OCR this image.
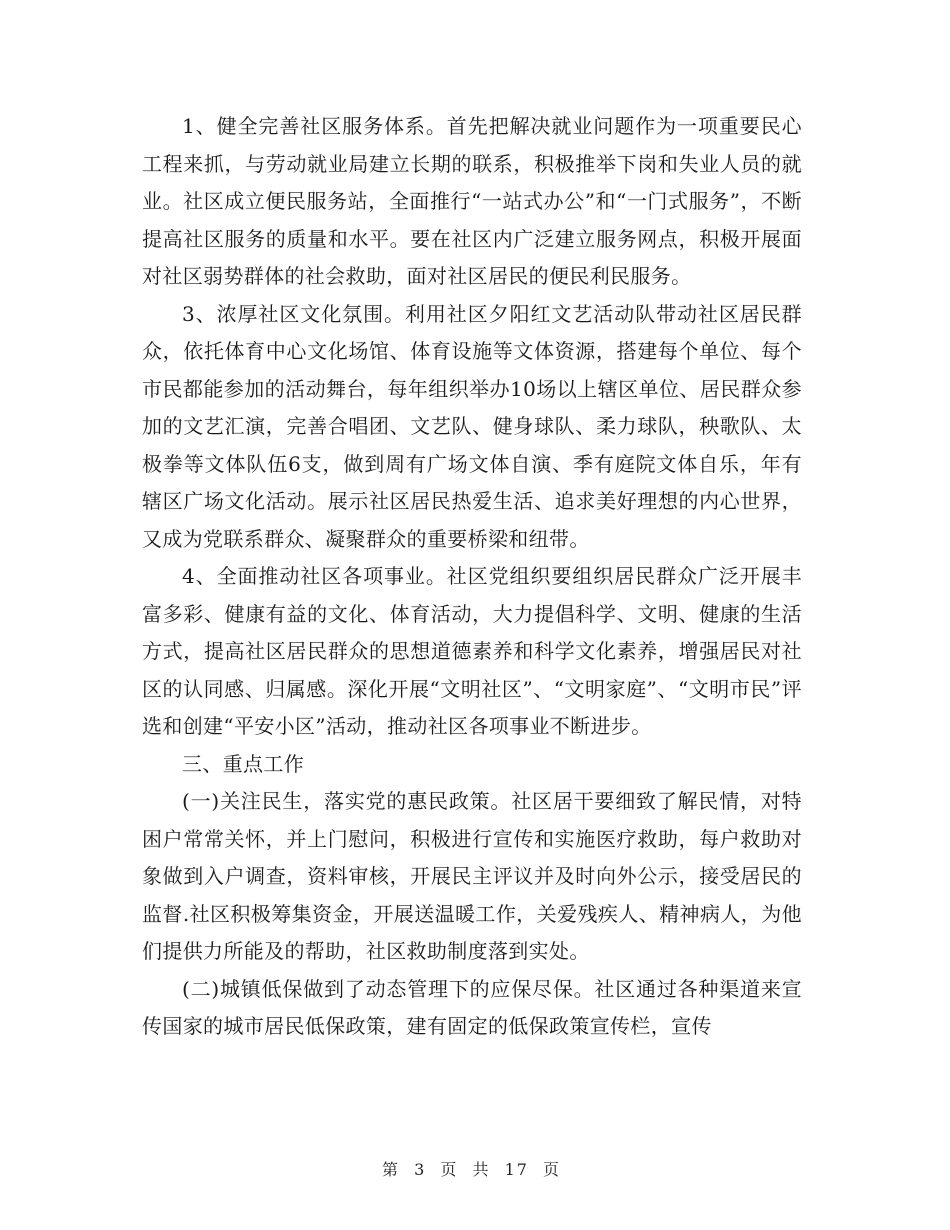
1、健全完善社区服务体系。首先把解决就业问题作为一项重要民心工程来抓，与劳动就业局建立长期的联系，积极推举下岗和失业人员的就业。社区成立便民服务站，全面推行“一站式办公”和“一门式服务”，不断提高社区服务的质量和水平。要在社区内广泛建立服务网点，积极开展面对社区弱势群体的社会救助，面对社区居民的便民利民服务。

3、浓厚社区文化氛围。利用社区夕阳红文艺活动队带动社区居民群众，依托体育中心文化场馆、体育设施等文体资源，搭建每个单位、每个市民都能参加的活动舞台，每年组织举办10场以上辖区单位、居民群众参加的文艺汇演，完善合唱团、文艺队、健身球队、柔力球队，秧歌队、太极拳等文体队伍6支，做到周有广场文体自演、季有庭院文体自乐，年有辖区广场文化活动。展示社区居民热爱生活、追求美好理想的内心世界，又成为党联系群众、凝聚群众的重要桥梁和纽带。

4、全面推动社区各项事业。社区党组织要组织居民群众广泛开展丰富多彩、健康有益的文化、体育活动，大力提倡科学、文明、健康的生活方式，提高社区居民群众的思想道德素养和科学文化素养，增强居民对社区的认同感、归属感。深化开展“文明社区”、“文明家庭”、“文明市民”评选和创建“平安小区”活动，推动社区各项事业不断进步。

三、重点工作

(一)关注民生，落实党的惠民政策。社区居干要细致了解民情，对特困户常常关怀，并上门慰问，积极进行宣传和实施医疗救助，每户救助对象做到入户调查，资料审核，开展民主评议并及时向外公示，接受居民的监督.社区积极筹集资金，开展送温暖工作，关爱残疾人、精神病人，为他们提供力所能及的帮助，社区救助制度落到实处。

(二)城镇低保做到了动态管理下的应保尽保。社区通过各种渠道来宣传国家的城市居民低保政策，建有固定的低保政策宣传栏，宣传

第 3 页 共 17 页
